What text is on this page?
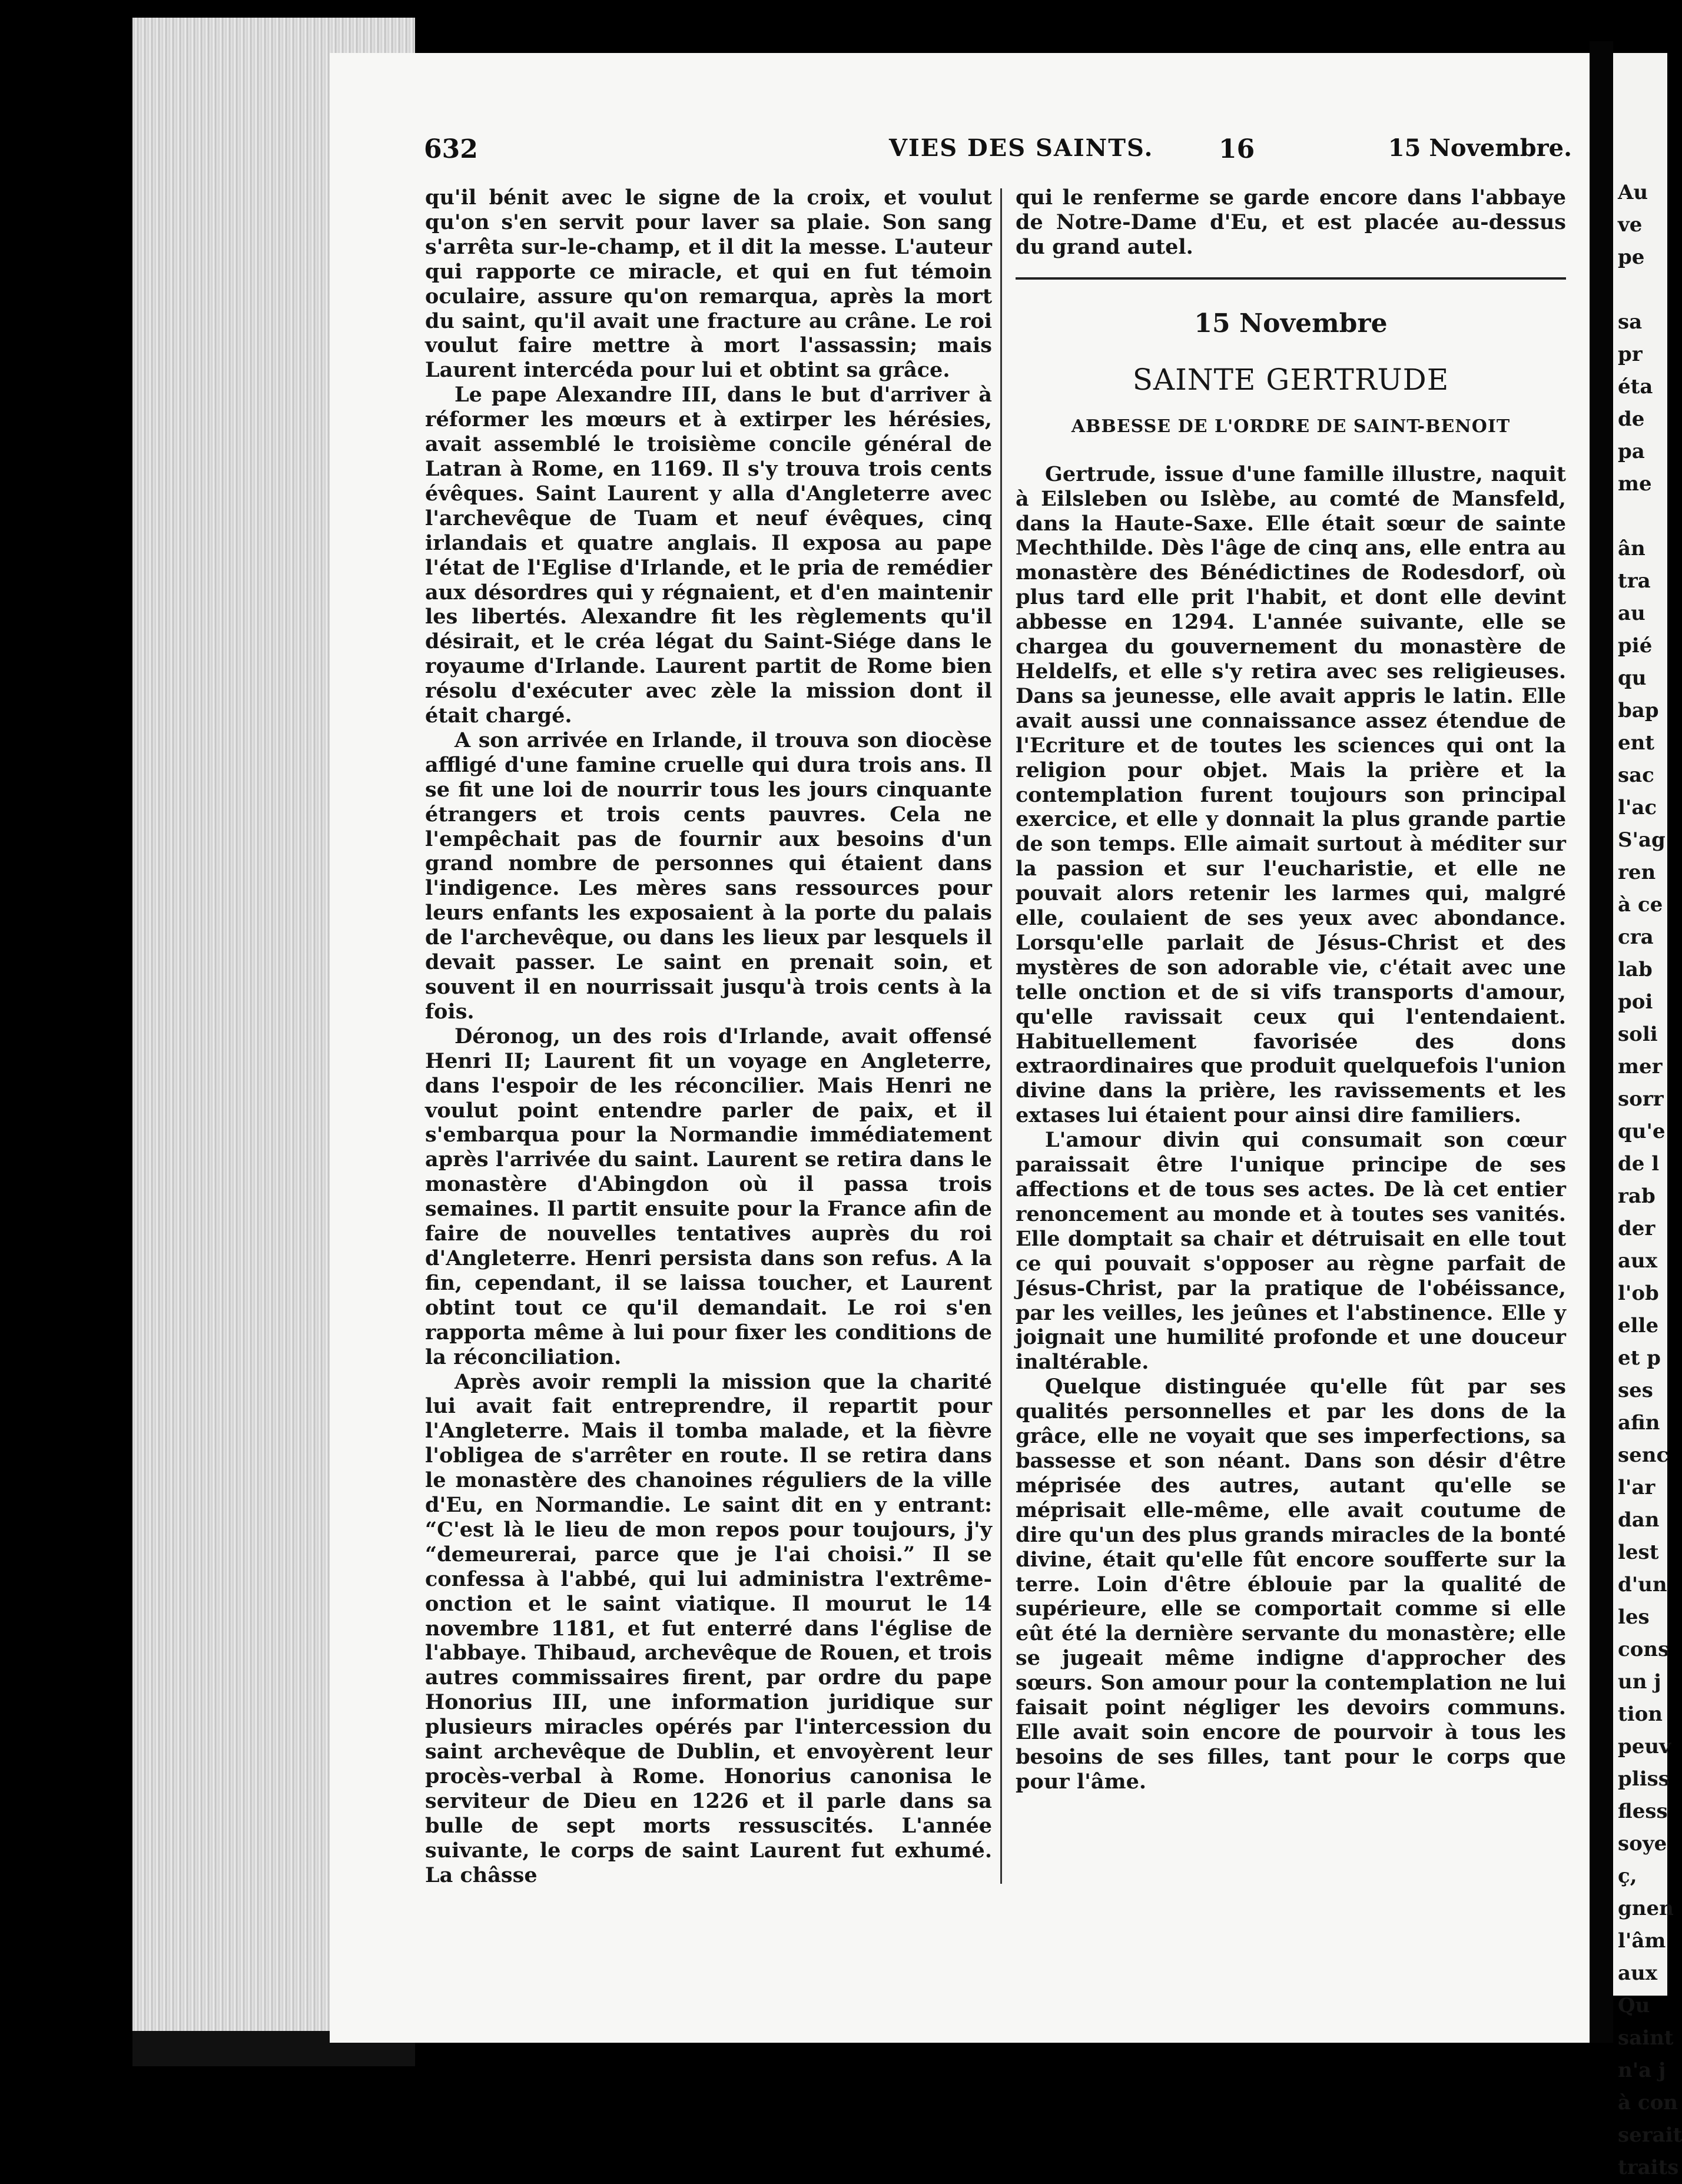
Au
ve
pe

sa
pr
éta
de
pa
me

ân
tra
au
pié
qu
bap
ent
sac
l'ac
S'ag
ren
à ce
cra
lab
poi
soli
mer
sorr
qu'e
de l
rab
der
aux
l'ob
elle
et p
ses
afin
senc
l'ar
dan
lest
d'un
les
cons
un j
tion
peuv
pliss
fless
soye
ç,
gnen
l'âm
aux
Qu
saint
n'a j
à con
serait
traits
632	VIES DES SAINTS.	15 Novembre.

qu'il bénit avec le signe de la croix, et voulut qu'on s'en servit pour laver sa plaie. Son sang s'arrêta sur-le-champ, et il dit la messe. L'auteur qui rapporte ce miracle, et qui en fut témoin oculaire, assure qu'on remarqua, après la mort du saint, qu'il avait une fracture au crâne. Le roi voulut faire mettre à mort l'assassin; mais Laurent intercéda pour lui et obtint sa grâce.

Le pape Alexandre III, dans le but d'arriver à réformer les mœurs et à extirper les hérésies, avait assemblé le troisième concile général de Latran à Rome, en 1169. Il s'y trouva trois cents évêques. Saint Laurent y alla d'Angleterre avec l'archevêque de Tuam et neuf évêques, cinq irlandais et quatre anglais. Il exposa au pape l'état de l'Eglise d'Irlande, et le pria de remédier aux désordres qui y régnaient, et d'en maintenir les libertés. Alexandre fit les règlements qu'il désirait, et le créa légat du Saint-Siége dans le royaume d'Irlande. Laurent partit de Rome bien résolu d'exécuter avec zèle la mission dont il était chargé.

A son arrivée en Irlande, il trouva son diocèse affligé d'une famine cruelle qui dura trois ans. Il se fit une loi de nourrir tous les jours cinquante étrangers et trois cents pauvres. Cela ne l'empêchait pas de fournir aux besoins d'un grand nombre de personnes qui étaient dans l'indigence. Les mères sans ressources pour leurs enfants les exposaient à la porte du palais de l'archevêque, ou dans les lieux par lesquels il devait passer. Le saint en prenait soin, et souvent il en nourrissait jusqu'à trois cents à la fois.

Déronog, un des rois d'Irlande, avait offensé Henri II; Laurent fit un voyage en Angleterre, dans l'espoir de les réconcilier. Mais Henri ne voulut point entendre parler de paix, et il s'embarqua pour la Normandie immédiatement après l'arrivée du saint. Laurent se retira dans le monastère d'Abingdon où il passa trois semaines. Il partit ensuite pour la France afin de faire de nouvelles tentatives auprès du roi d'Angleterre. Henri persista dans son refus. A la fin, cependant, il se laissa toucher, et Laurent obtint tout ce qu'il demandait. Le roi s'en rapporta même à lui pour fixer les conditions de la réconciliation.

Après avoir rempli la mission que la charité lui avait fait entreprendre, il repartit pour l'Angleterre. Mais il tomba malade, et la fièvre l'obligea de s'arrêter en route. Il se retira dans le monastère des chanoines réguliers de la ville d'Eu, en Normandie. Le saint dit en y entrant: “C'est là le lieu de mon repos pour toujours, j'y “demeurerai, parce que je l'ai choisi.” Il se confessa à l'abbé, qui lui administra l'extrême-onction et le saint viatique. Il mourut le 14 novembre 1181, et fut enterré dans l'église de l'abbaye. Thibaud, archevêque de Rouen, et trois autres commissaires firent, par ordre du pape Honorius III, une information juridique sur plusieurs miracles opérés par l'intercession du saint archevêque de Dublin, et envoyèrent leur procès-verbal à Rome. Honorius canonisa le serviteur de Dieu en 1226 et il parle dans sa bulle de sept morts ressuscités. L'année suivante, le corps de saint Laurent fut exhumé. La châsse

qui le renferme se garde encore dans l'abbaye de Notre-Dame d'Eu, et est placée au-dessus du grand autel.

15 Novembre
SAINTE GERTRUDE
ABBESSE DE L'ORDRE DE SAINT-BENOIT

Gertrude, issue d'une famille illustre, naquit à Eilsleben ou Islèbe, au comté de Mansfeld, dans la Haute-Saxe. Elle était sœur de sainte Mechthilde. Dès l'âge de cinq ans, elle entra au monastère des Bénédictines de Rodesdorf, où plus tard elle prit l'habit, et dont elle devint abbesse en 1294. L'année suivante, elle se chargea du gouvernement du monastère de Heldelfs, et elle s'y retira avec ses religieuses. Dans sa jeunesse, elle avait appris le latin. Elle avait aussi une connaissance assez étendue de l'Ecriture et de toutes les sciences qui ont la religion pour objet. Mais la prière et la contemplation furent toujours son principal exercice, et elle y donnait la plus grande partie de son temps. Elle aimait surtout à méditer sur la passion et sur l'eucharistie, et elle ne pouvait alors retenir les larmes qui, malgré elle, coulaient de ses yeux avec abondance. Lorsqu'elle parlait de Jésus-Christ et des mystères de son adorable vie, c'était avec une telle onction et de si vifs transports d'amour, qu'elle ravissait ceux qui l'entendaient. Habituellement favorisée des dons extraordinaires que produit quelquefois l'union divine dans la prière, les ravissements et les extases lui étaient pour ainsi dire familiers.

L'amour divin qui consumait son cœur paraissait être l'unique principe de ses affections et de tous ses actes. De là cet entier renoncement au monde et à toutes ses vanités. Elle domptait sa chair et détruisait en elle tout ce qui pouvait s'opposer au règne parfait de Jésus-Christ, par la pratique de l'obéissance, par les veilles, les jeûnes et l'abstinence. Elle y joignait une humilité profonde et une douceur inaltérable.

Quelque distinguée qu'elle fût par ses qualités personnelles et par les dons de la grâce, elle ne voyait que ses imperfections, sa bassesse et son néant. Dans son désir d'être méprisée des autres, autant qu'elle se méprisait elle-même, elle avait coutume de dire qu'un des plus grands miracles de la bonté divine, était qu'elle fût encore soufferte sur la terre. Loin d'être éblouie par la qualité de supérieure, elle se comportait comme si elle eût été la dernière servante du monastère; elle se jugeait même indigne d'approcher des sœurs. Son amour pour la contemplation ne lui faisait point négliger les devoirs communs. Elle avait soin encore de pourvoir à tous les besoins de ses filles, tant pour le corps que pour l'âme.

16
